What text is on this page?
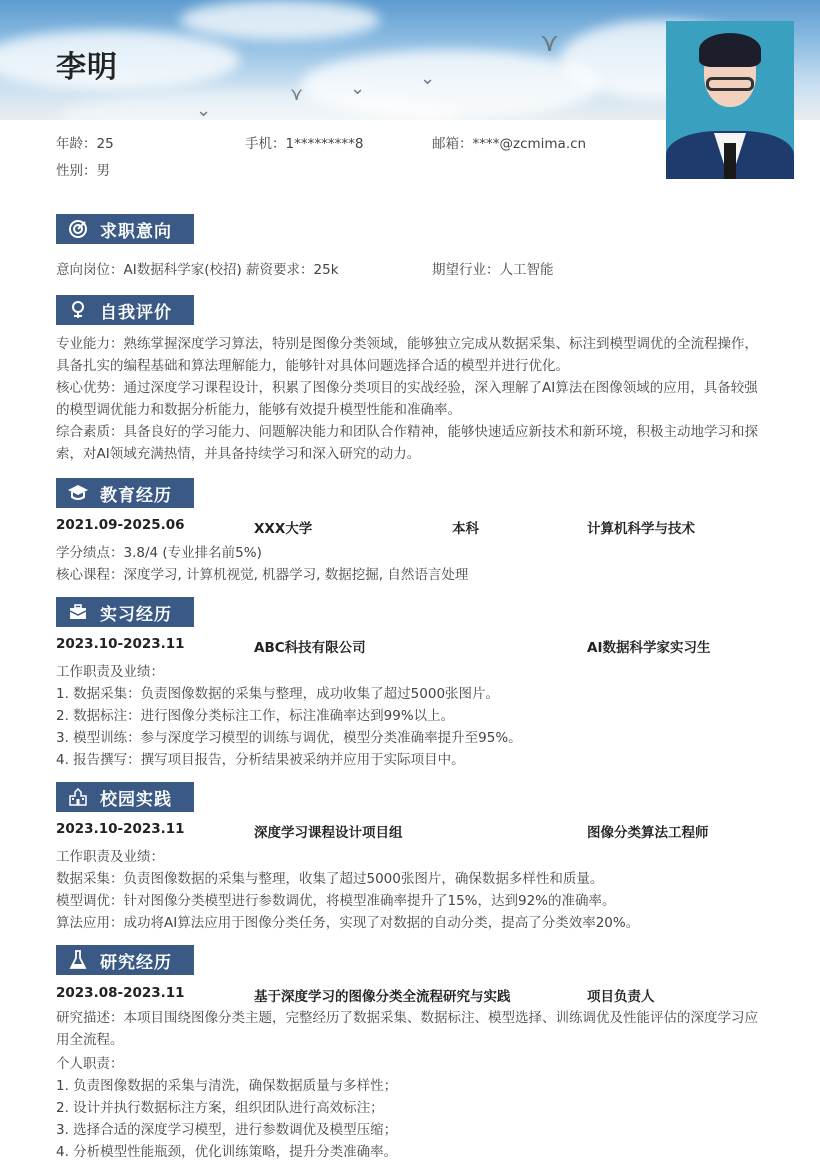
⋎
⌄
⌄
⋎
⌄
李明
年龄：25	手机：1*********8	邮箱：****@zcmima.cn
性别：男
求职意向
意向岗位：AI数据科学家(校招) 薪资要求：25k	期望行业：人工智能
自我评价
专业能力：熟练掌握深度学习算法，特别是图像分类领域，能够独立完成从数据采集、标注到模型调优的全流程操作，具备扎实的编程基础和算法理解能力，能够针对具体问题选择合适的模型并进行优化。
核心优势：通过深度学习课程设计，积累了图像分类项目的实战经验，深入理解了AI算法在图像领域的应用，具备较强的模型调优能力和数据分析能力，能够有效提升模型性能和准确率。
综合素质：具备良好的学习能力、问题解决能力和团队合作精神，能够快速适应新技术和新环境，积极主动地学习和探索，对AI领域充满热情，并具备持续学习和深入研究的动力。
教育经历
2021.09-2025.06	XXX大学	本科	计算机科学与技术
学分绩点：3.8/4 (专业排名前5%)
核心课程：深度学习, 计算机视觉, 机器学习, 数据挖掘, 自然语言处理
实习经历
2023.10-2023.11	ABC科技有限公司	AI数据科学家实习生
工作职责及业绩：
1. 数据采集：负责图像数据的采集与整理，成功收集了超过5000张图片。
2. 数据标注：进行图像分类标注工作，标注准确率达到99%以上。
3. 模型训练：参与深度学习模型的训练与调优，模型分类准确率提升至95%。
4. 报告撰写：撰写项目报告，分析结果被采纳并应用于实际项目中。
校园实践
2023.10-2023.11	深度学习课程设计项目组	图像分类算法工程师
工作职责及业绩：
数据采集：负责图像数据的采集与整理，收集了超过5000张图片，确保数据多样性和质量。
模型调优：针对图像分类模型进行参数调优，将模型准确率提升了15%，达到92%的准确率。
算法应用：成功将AI算法应用于图像分类任务，实现了对数据的自动分类，提高了分类效率20%。
研究经历
2023.08-2023.11	基于深度学习的图像分类全流程研究与实践	项目负责人
研究描述：本项目围绕图像分类主题，完整经历了数据采集、数据标注、模型选择、训练调优及性能评估的深度学习应用全流程。
个人职责：
1. 负责图像数据的采集与清洗，确保数据质量与多样性；
2. 设计并执行数据标注方案，组织团队进行高效标注；
3. 选择合适的深度学习模型，进行参数调优及模型压缩；
4. 分析模型性能瓶颈，优化训练策略，提升分类准确率。
